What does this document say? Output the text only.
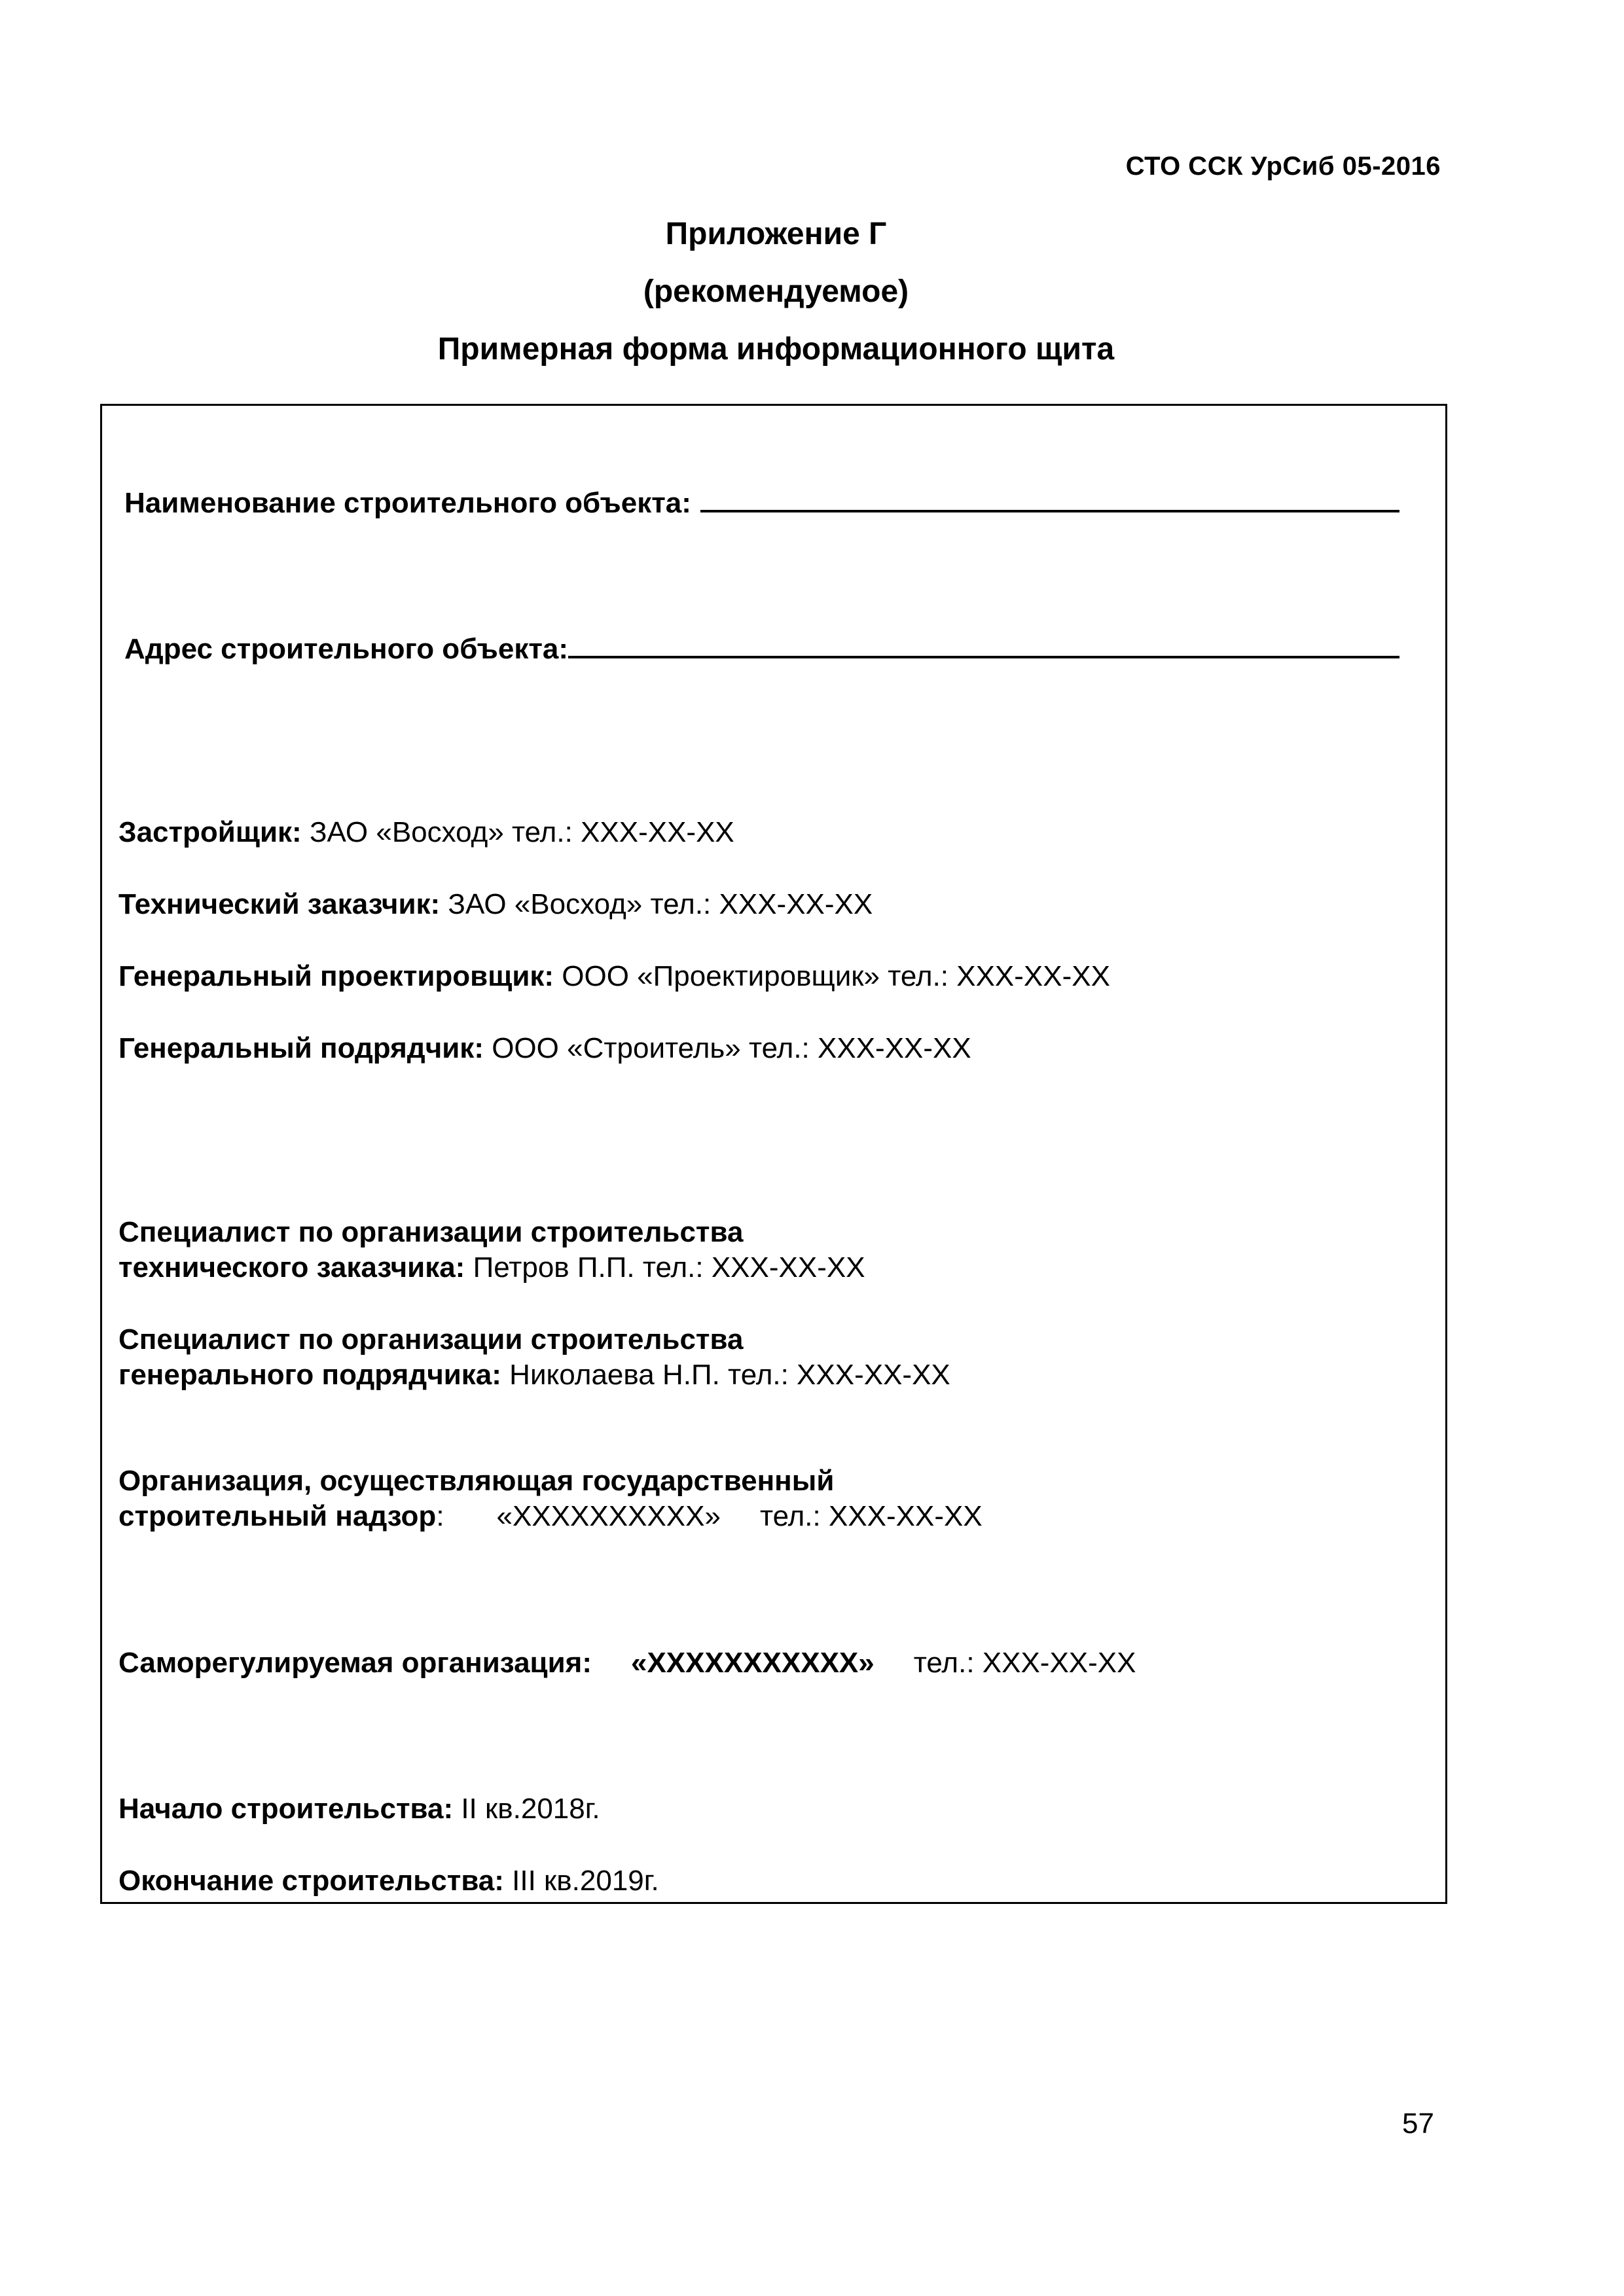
СТО ССК УрСиб 05-2016
Приложение Г
(рекомендуемое)
Примерная форма информационного щита
Наименование строительного объекта:
Адрес строительного объекта:
Застройщик: ЗАО «Восход» тел.: ХХХ-ХХ-ХХ
Технический заказчик: ЗАО «Восход» тел.: ХХХ-ХХ-ХХ
Генеральный проектировщик: ООО «Проектировщик» тел.: ХХХ-ХХ-ХХ
Генеральный подрядчик: ООО «Строитель» тел.: ХХХ-ХХ-ХХ
Специалист по организации строительства
технического заказчика: Петров П.П. тел.: ХХХ-ХХ-ХХ
Специалист по организации строительства
генерального подрядчика: Николаева Н.П. тел.: ХХХ-ХХ-ХХ
Организация, осуществляющая государственный
строительный надзор: «ХХХХХХХХХХ» тел.: ХХХ-ХХ-ХХ
Саморегулируемая организация: «ХХХХХХХХХХХ» тел.: ХХХ-ХХ-ХХ
Начало строительства: II кв.2018г.
Окончание строительства: III кв.2019г.
57
